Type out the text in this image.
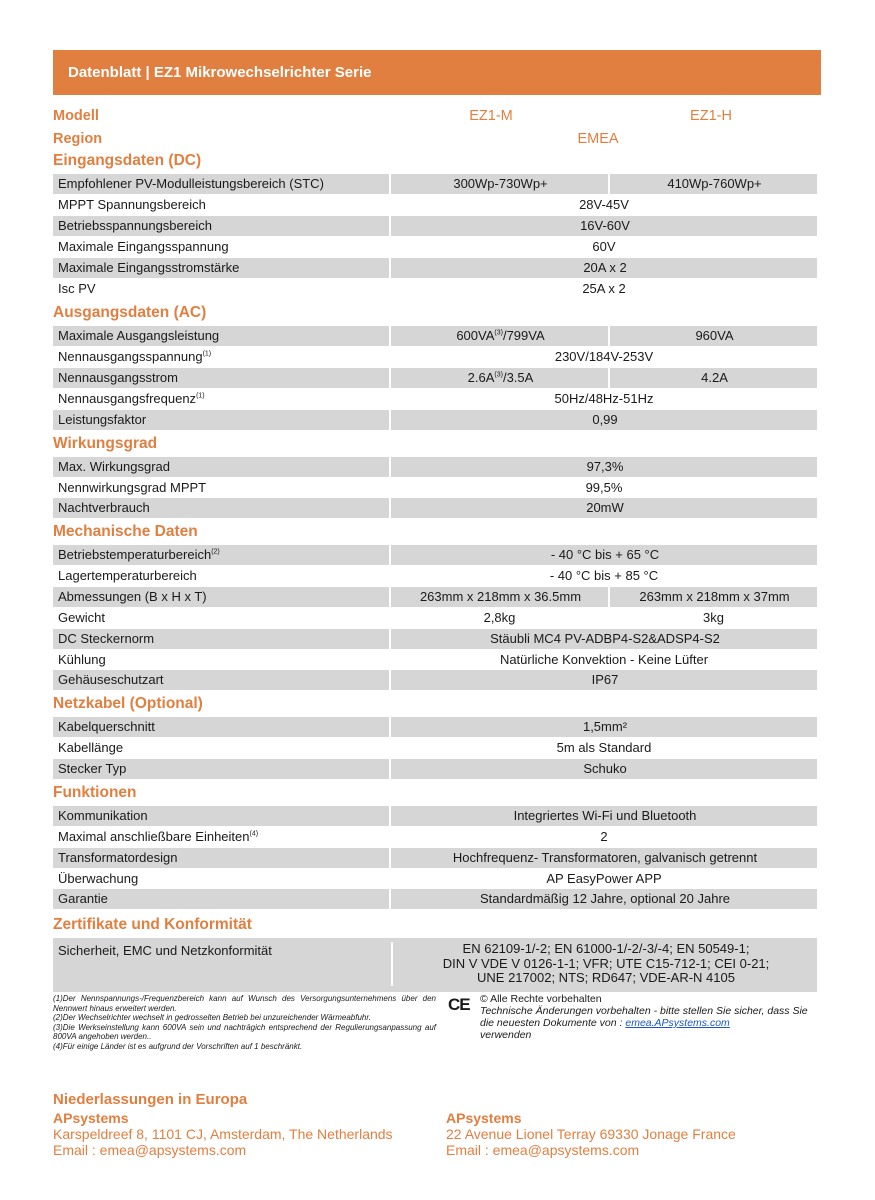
Datenblatt | EZ1 Mikrowechselrichter Serie
Modell	EZ1-M	EZ1-H
Region	EMEA
Eingangsdaten (DC)
Empfohlener PV-Modulleistungsbereich (STC)	300Wp-730Wp+	410Wp-760Wp+
MPPT Spannungsbereich	28V-45V
Betriebsspannungsbereich	16V-60V
Maximale Eingangsspannung	60V
Maximale Eingangsstromstärke	20A x 2
Isc PV	25A x 2
Ausgangsdaten (AC)
Maximale Ausgangsleistung	600VA$^{(3)}$/799VA	960VA
Nennausgangsspannung$^{(1)}$	230V/184V-253V
Nennausgangsstrom	$2.6A^{(3)}/3.5A$	4.2A
Nennausgangsfrequenz$^{(1)}$	50Hz/48Hz-51Hz
Leistungsfaktor	0,99
Wirkungsgrad
Max. Wirkungsgrad	97,3%
Nennwirkungsgrad MPPT	99,5%
Nachtverbrauch	20mW
Mechanische Daten
Betriebstemperaturbereich$^{(2)}$	- 40 °C bis + 65 °C
Lagertemperaturbereich	- 40 °C bis + 85 °C
Abmessungen (B x H x T)	263mm x 218mm x 36.5mm	263mm x 218mm x 37mm
Gewicht	2,8kg	3kg
DC Steckernorm	Stäubli MC4 PV-ADBP4-S2&ADSP4-S2
Kühlung	Natürliche Konvektion - Keine Lüfter
Gehäuseschutzart	IP67
Netzkabel (Optional)
Kabelquerschnitt	1,5mm²
Kabellänge	5m als Standard
Stecker Typ	Schuko
Funktionen
Kommunikation	Integriertes Wi-Fi und Bluetooth
Maximal anschließbare Einheiten$^{(4)}$	2
Transformatordesign	Hochfrequenz- Transformatoren, galvanisch getrennt
Überwachung	AP EasyPower APP
Garantie	Standardmäßig 12 Jahre, optional 20 Jahre
Zertifikate und Konformität
Sicherheit, EMC und Netzkonformität	EN 62109-1/-2; EN 61000-1/-2/-3/-4; EN 50549-1;
DIN V VDE V 0126-1-1; VFR; UTE C15-712-1; CEI 0-21;
UNE 217002; NTS; RD647; VDE-AR-N 4105
(1)Der Nennspannungs-/Frequenzbereich kann auf Wunsch des Versorgungsunternehmens über den Nennwert hinaus erweitert werden.
(2)Der Wechselrichter wechselt in gedrosselten Betrieb bei unzureichender Wärmeabfuhr.
(3)Die Werkseinstellung kann 600VA sein und nachträgich entsprechend der Regulierungsanpassung auf 800VA angehoben werden..
(4)Für einige Länder ist es aufgrund der Vorschriften auf 1 beschränkt.
CE © Alle Rechte vorbehalten
Technische Änderungen vorbehalten - bitte stellen Sie sicher, dass Sie
die neuesten Dokumente von : emea.APsystems.com
verwenden
Niederlassungen in Europa
APsystems
Karspeldreef 8, 1101 CJ, Amsterdam, The Netherlands
Email : emea@apsystems.com
APsystems
22 Avenue Lionel Terray 69330 Jonage France
Email : emea@apsystems.com
